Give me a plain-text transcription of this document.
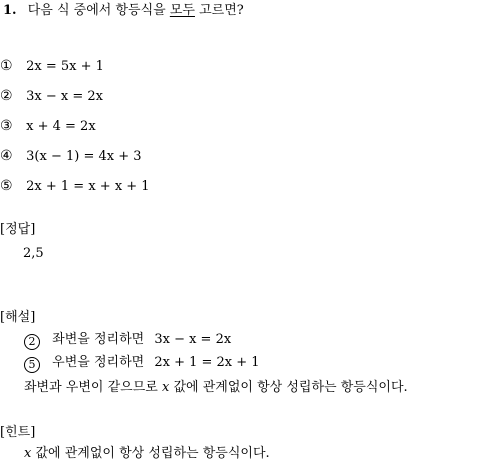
1. 다음 식 중에서 항등식을 모두 고르면?
① 2x = 5x + 1
② 3x − x = 2x
③ x + 4 = 2x
④ 3(x − 1) = 4x + 3
⑤ 2x + 1 = x + x + 1
[정답]
2,5
[해설]
2 좌변을 정리하면 3x − x = 2x
5 우변을 정리하면 2x + 1 = 2x + 1
좌변과 우변이 같으므로 x 값에 관계없이 항상 성립하는 항등식이다.
[힌트]
x 값에 관계없이 항상 성립하는 항등식이다.
